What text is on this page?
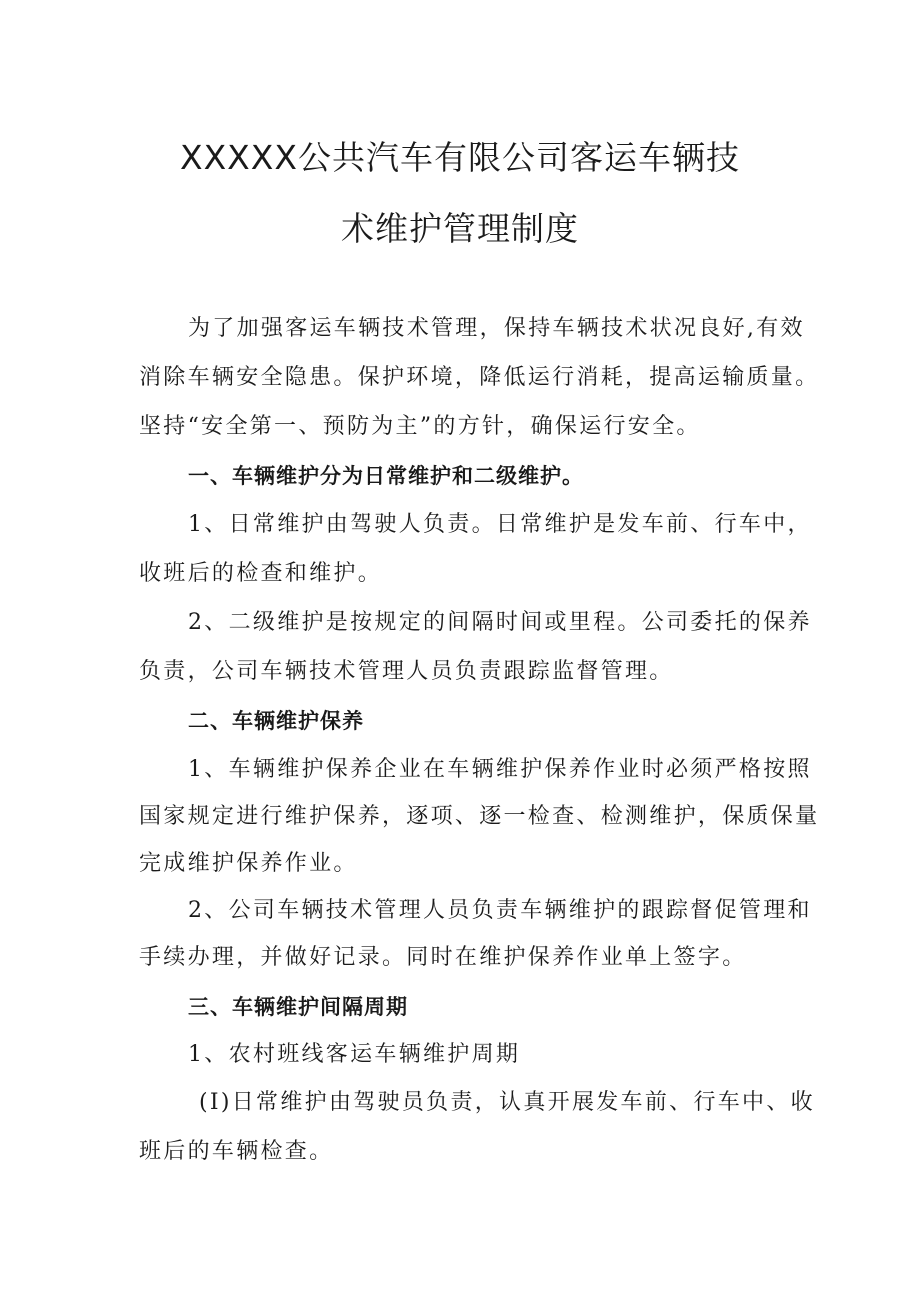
XXXXX公共汽车有限公司客运车辆技
术维护管理制度
为了加强客运车辆技术管理，保持车辆技术状况良好,有效
消除车辆安全隐患。保护环境，降低运行消耗，提高运输质量。
坚持“安全第一、预防为主”的方针，确保运行安全。
一、车辆维护分为日常维护和二级维护。
1、日常维护由驾驶人负责。日常维护是发车前、行车中，
收班后的检查和维护。
2、二级维护是按规定的间隔时间或里程。公司委托的保养
负责，公司车辆技术管理人员负责跟踪监督管理。
二、车辆维护保养
1、车辆维护保养企业在车辆维护保养作业时必须严格按照
国家规定进行维护保养，逐项、逐一检查、检测维护，保质保量
完成维护保养作业。
2、公司车辆技术管理人员负责车辆维护的跟踪督促管理和
手续办理，并做好记录。同时在维护保养作业单上签字。
三、车辆维护间隔周期
1、农村班线客运车辆维护周期
(I)日常维护由驾驶员负责，认真开展发车前、行车中、收
班后的车辆检查。
